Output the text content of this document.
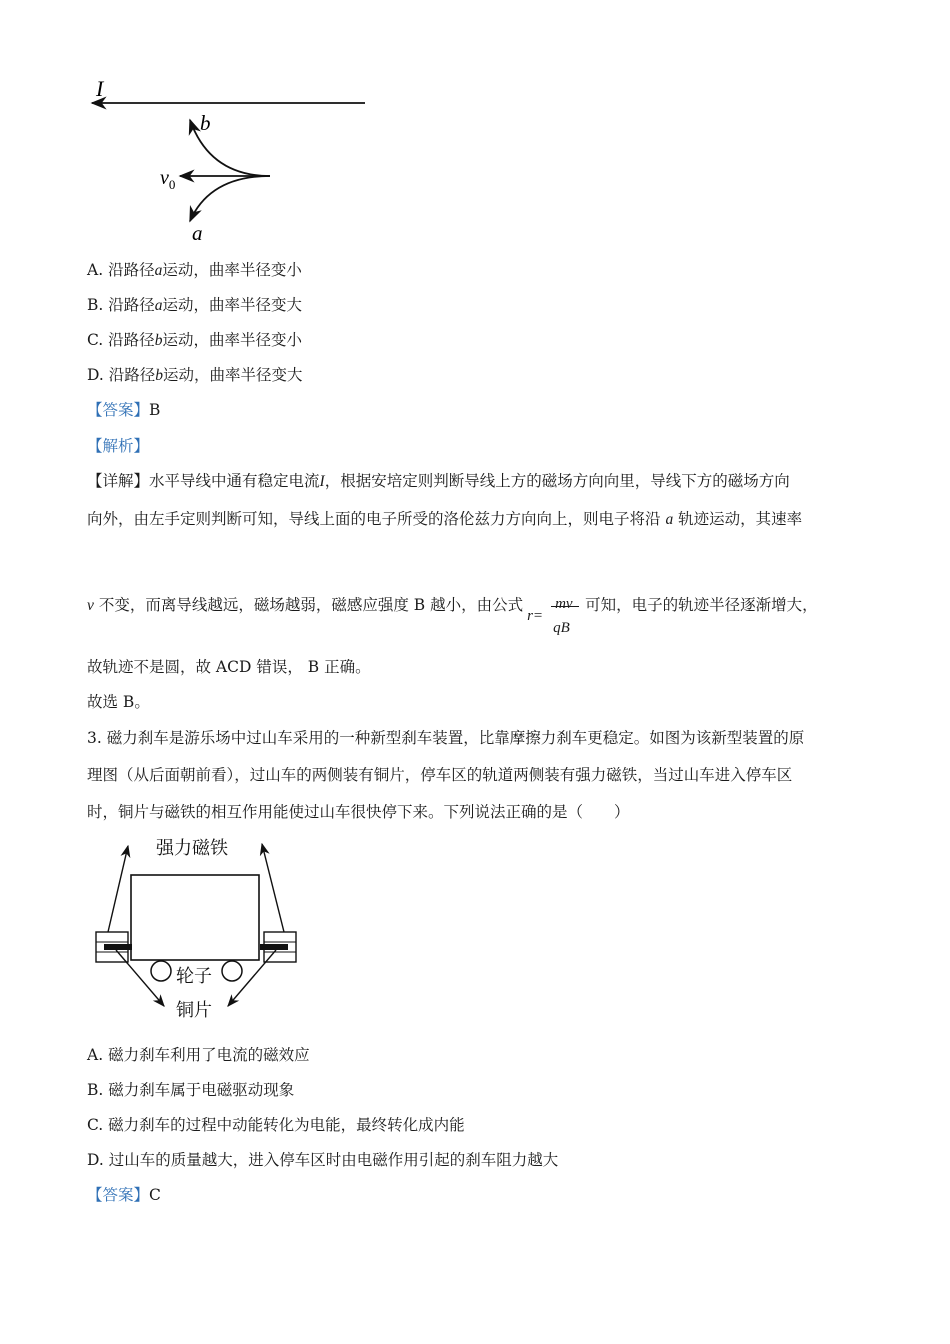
I
b
$v_0$
a
A. 沿路径a运动，曲率半径变小
B. 沿路径a运动，曲率半径变大
C. 沿路径b运动，曲率半径变小
D. 沿路径b运动，曲率半径变大
【答案】B
【解析】
【详解】水平导线中通有稳定电流I，根据安培定则判断导线上方的磁场方向向里，导线下方的磁场方向
向外，由左手定则判断可知，导线上面的电子所受的洛伦兹力方向向上，则电子将沿 a 轨迹运动，其速率
v 不变，而离导线越远，磁场越弱，磁感应强度 B 越小，由公式
r=
mv
qB
可知，电子的轨迹半径逐渐增大，
故轨迹不是圆，故 ACD 错误， B 正确。
故选 B。
3. 磁力刹车是游乐场中过山车采用的一种新型刹车装置，比靠摩擦力刹车更稳定。如图为该新型装置的原
理图（从后面朝前看），过山车的两侧装有铜片，停车区的轨道两侧装有强力磁铁，当过山车进入停车区
时，铜片与磁铁的相互作用能使过山车很快停下来。下列说法正确的是（　　）
强力磁铁
轮子
铜片
A. 磁力刹车利用了电流的磁效应
B. 磁力刹车属于电磁驱动现象
C. 磁力刹车的过程中动能转化为电能，最终转化成内能
D. 过山车的质量越大，进入停车区时由电磁作用引起的刹车阻力越大
【答案】C
